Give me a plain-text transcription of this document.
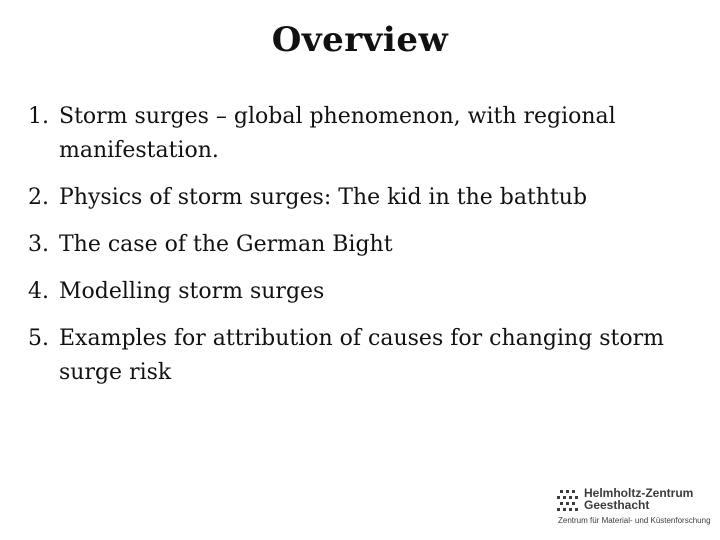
Overview
1. Storm surges – global phenomenon, with regional manifestation.
2. Physics of storm surges: The kid in the bathtub
3. The case of the German Bight
4. Modelling storm surges
5. Examples for attribution of causes for changing storm surge risk
Helmholtz-Zentrum
Geesthacht
Zentrum für Material- und Küstenforschung
